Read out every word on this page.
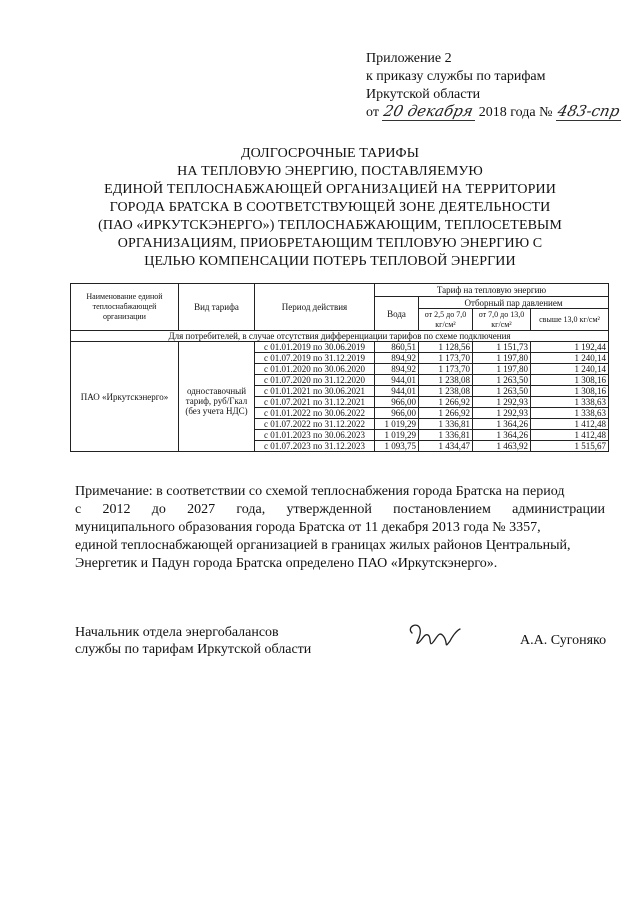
Приложение 2
к приказу службы по тарифам
Иркутской области
от 20 декабря 2018 года № 483-спр
ДОЛГОСРОЧНЫЕ ТАРИФЫ
НА ТЕПЛОВУЮ ЭНЕРГИЮ, ПОСТАВЛЯЕМУЮ
ЕДИНОЙ ТЕПЛОСНАБЖАЮЩЕЙ ОРГАНИЗАЦИЕЙ НА ТЕРРИТОРИИ
ГОРОДА БРАТСКА В СООТВЕТСТВУЮЩЕЙ ЗОНЕ ДЕЯТЕЛЬНОСТИ
(ПАО «ИРКУТСКЭНЕРГО») ТЕПЛОСНАБЖАЮЩИМ, ТЕПЛОСЕТЕВЫМ
ОРГАНИЗАЦИЯМ, ПРИОБРЕТАЮЩИМ ТЕПЛОВУЮ ЭНЕРГИЮ С
ЦЕЛЬЮ КОМПЕНСАЦИИ ПОТЕРЬ ТЕПЛОВОЙ ЭНЕРГИИ
Наименование единой теплоснабжающей организации	Вид тарифа	Период действия	Тариф на тепловую энергию			
			Вода	Отборный пар давлением		
				от 2,5 до 7,0 кг/см²	от 7,0 до 13,0 кг/см²	свыше 13,0 кг/см²
Для потребителей, в случае отсутствия дифференциации тарифов по схеме подключения						
ПАО «Иркутскэнерго»	одноставочный тариф, руб/Гкал (без учета НДС)	с 01.01.2019 по 30.06.2019	860,51	1 128,56	1 151,73	1 192,44
		с 01.07.2019 по 31.12.2019	894,92	1 173,70	1 197,80	1 240,14
		с 01.01.2020 по 30.06.2020	894,92	1 173,70	1 197,80	1 240,14
		с 01.07.2020 по 31.12.2020	944,01	1 238,08	1 263,50	1 308,16
		с 01.01.2021 по 30.06.2021	944,01	1 238,08	1 263,50	1 308,16
		с 01.07.2021 по 31.12.2021	966,00	1 266,92	1 292,93	1 338,63
		с 01.01.2022 по 30.06.2022	966,00	1 266,92	1 292,93	1 338,63
		с 01.07.2022 по 31.12.2022	1 019,29	1 336,81	1 364,26	1 412,48
		с 01.01.2023 по 30.06.2023	1 019,29	1 336,81	1 364,26	1 412,48
		с 01.07.2023 по 31.12.2023	1 093,75	1 434,47	1 463,92	1 515,67
Примечание: в соответствии со схемой теплоснабжения города Братска на период
с 2012 до 2027 года, утвержденной постановлением администрации
муниципального образования города Братска от 11 декабря 2013 года № 3357,
единой теплоснабжающей организацией в границах жилых районов Центральный,
Энергетик и Падун города Братска определено ПАО «Иркутскэнерго».
Начальник отдела энергобалансов
службы по тарифам Иркутской области
А.А. Сугоняко
